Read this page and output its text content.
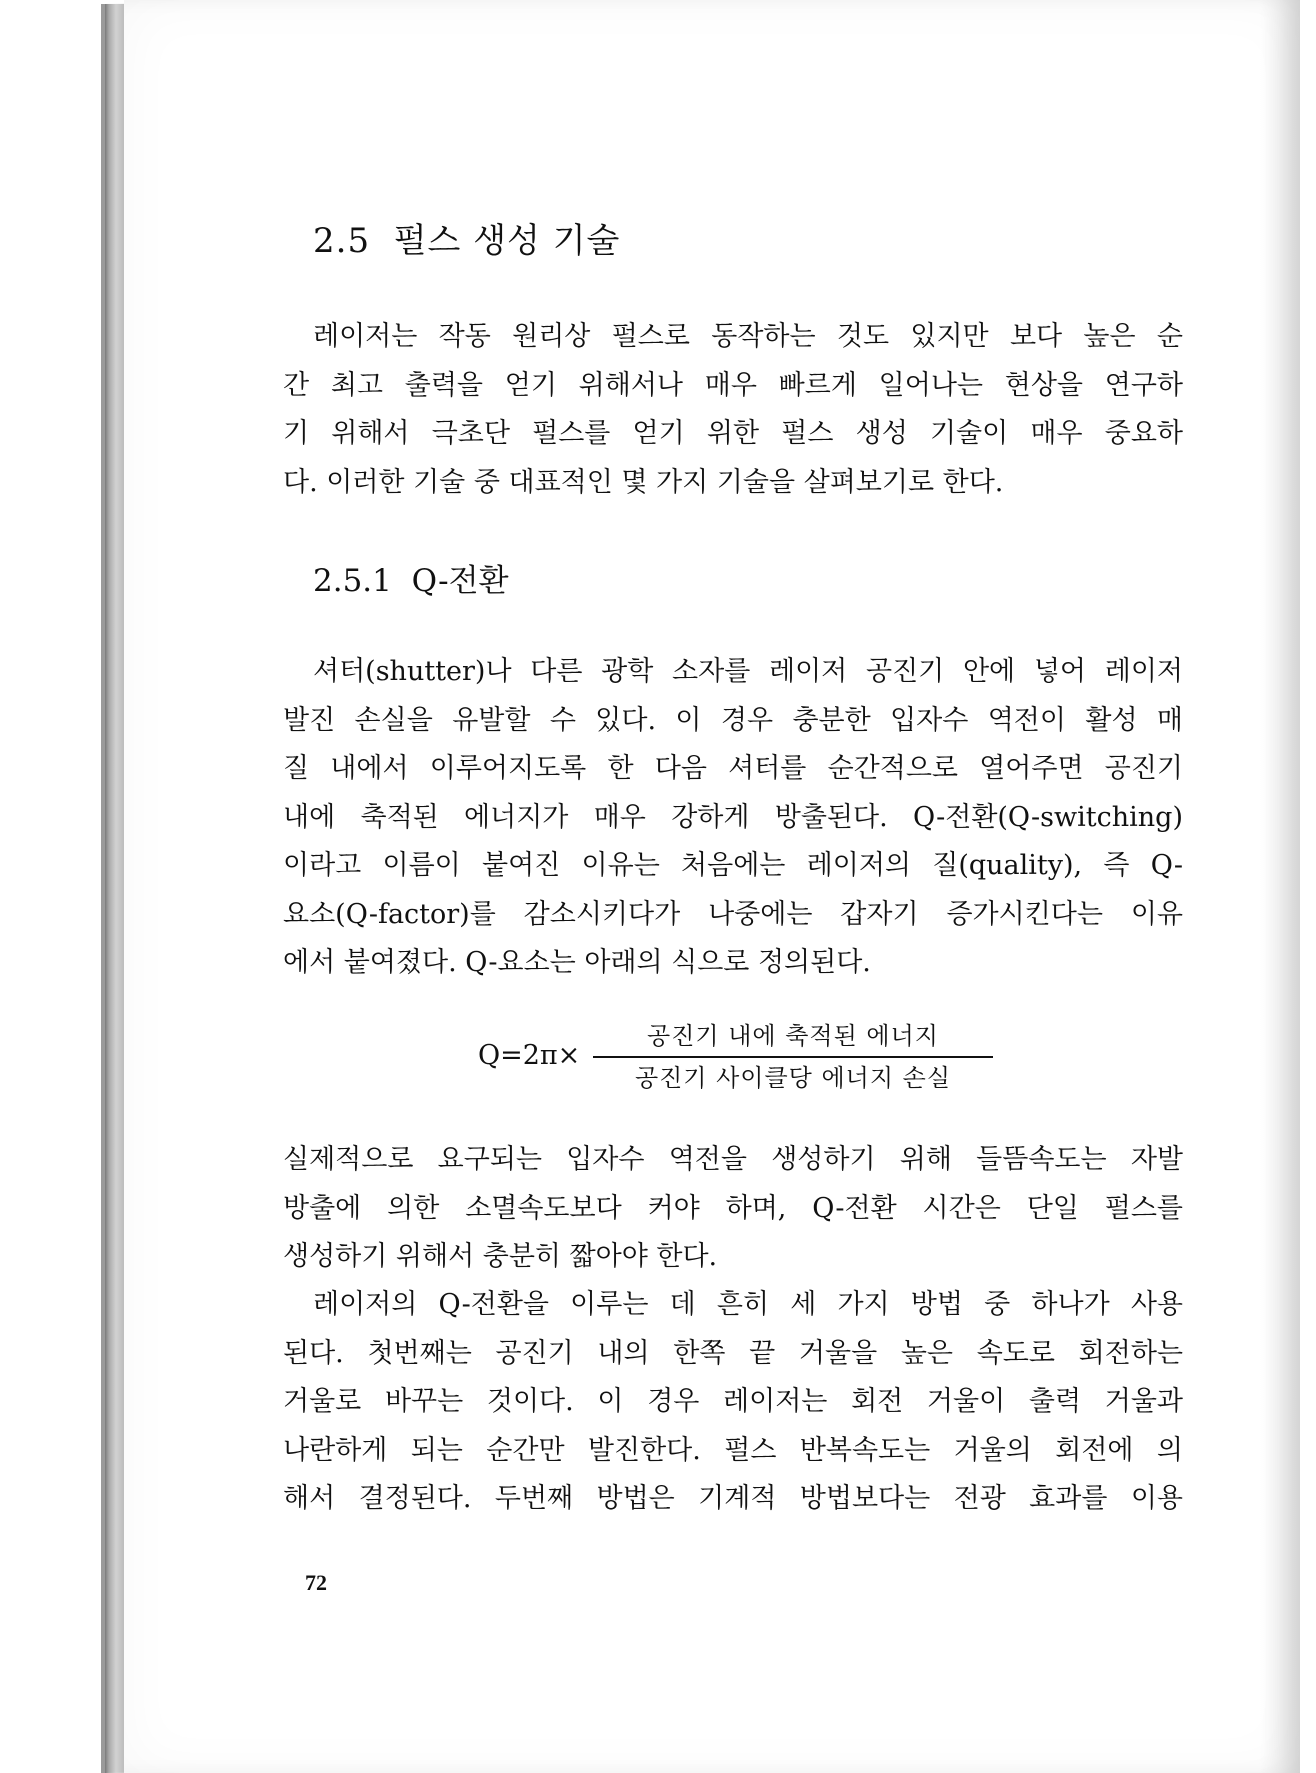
2.5 펄스 생성 기술
레이저는 작동 원리상 펄스로 동작하는 것도 있지만 보다 높은 순
간 최고 출력을 얻기 위해서나 매우 빠르게 일어나는 현상을 연구하
기 위해서 극초단 펄스를 얻기 위한 펄스 생성 기술이 매우 중요하
다. 이러한 기술 중 대표적인 몇 가지 기술을 살펴보기로 한다.
2.5.1 Q-전환
셔터(shutter)나 다른 광학 소자를 레이저 공진기 안에 넣어 레이저
발진 손실을 유발할 수 있다. 이 경우 충분한 입자수 역전이 활성 매
질 내에서 이루어지도록 한 다음 셔터를 순간적으로 열어주면 공진기
내에 축적된 에너지가 매우 강하게 방출된다. Q-전환(Q-switching)
이라고 이름이 붙여진 이유는 처음에는 레이저의 질(quality), 즉 Q-
요소(Q-factor)를 감소시키다가 나중에는 갑자기 증가시킨다는 이유
에서 붙여졌다. Q-요소는 아래의 식으로 정의된다.
Q=2π×
공진기 내에 축적된 에너지
공진기 사이클당 에너지 손실
실제적으로 요구되는 입자수 역전을 생성하기 위해 들뜸속도는 자발
방출에 의한 소멸속도보다 커야 하며, Q-전환 시간은 단일 펄스를
생성하기 위해서 충분히 짧아야 한다.
레이저의 Q-전환을 이루는 데 흔히 세 가지 방법 중 하나가 사용
된다. 첫번째는 공진기 내의 한쪽 끝 거울을 높은 속도로 회전하는
거울로 바꾸는 것이다. 이 경우 레이저는 회전 거울이 출력 거울과
나란하게 되는 순간만 발진한다. 펄스 반복속도는 거울의 회전에 의
해서 결정된다. 두번째 방법은 기계적 방법보다는 전광 효과를 이용
72
